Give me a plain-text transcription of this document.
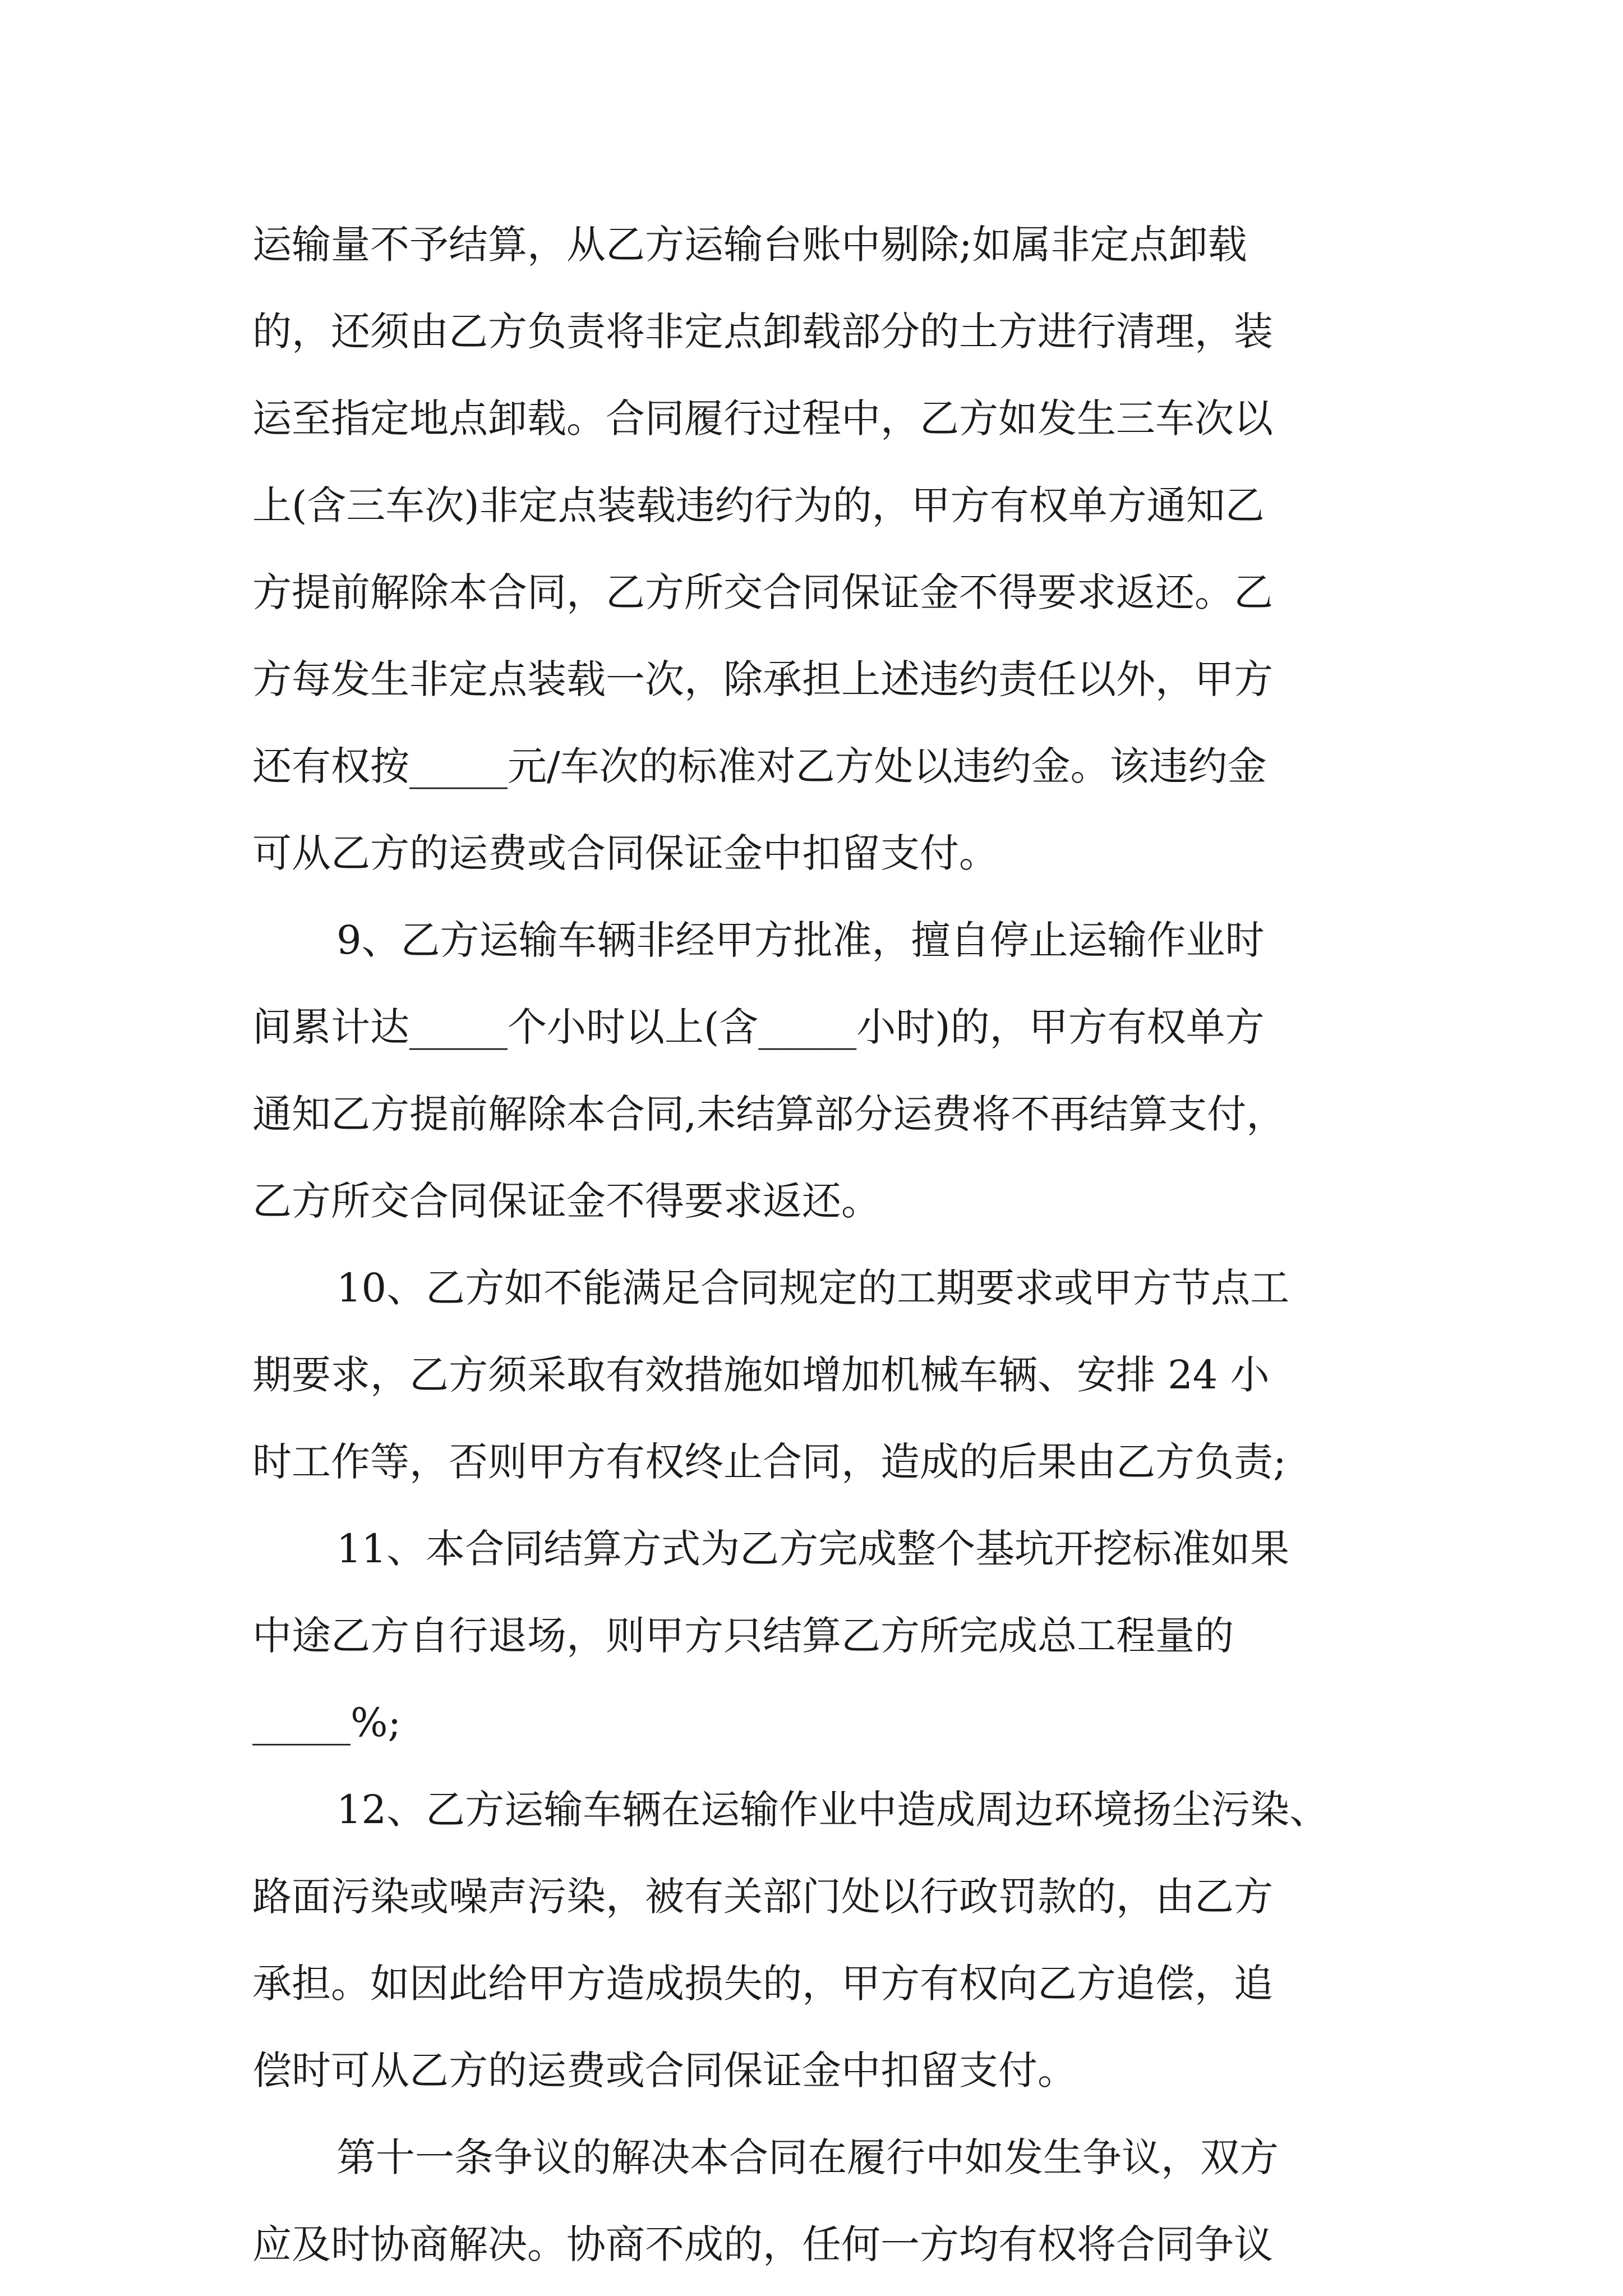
运输量不予结算，从乙方运输台账中剔除;如属非定点卸载
的，还须由乙方负责将非定点卸载部分的土方进行清理，装
运至指定地点卸载。合同履行过程中，乙方如发生三车次以
上(含三车次)非定点装载违约行为的，甲方有权单方通知乙
方提前解除本合同，乙方所交合同保证金不得要求返还。乙
方每发生非定点装载一次，除承担上述违约责任以外，甲方
还有权按_____元/车次的标准对乙方处以违约金。该违约金
可从乙方的运费或合同保证金中扣留支付。
9、乙方运输车辆非经甲方批准，擅自停止运输作业时
间累计达_____个小时以上(含_____小时)的，甲方有权单方
通知乙方提前解除本合同,未结算部分运费将不再结算支付，
乙方所交合同保证金不得要求返还。
10、乙方如不能满足合同规定的工期要求或甲方节点工
期要求，乙方须采取有效措施如增加机械车辆、安排 24 小
时工作等，否则甲方有权终止合同，造成的后果由乙方负责;
11、本合同结算方式为乙方完成整个基坑开挖标准如果
中途乙方自行退场，则甲方只结算乙方所完成总工程量的
_____%;
12、乙方运输车辆在运输作业中造成周边环境扬尘污染、
路面污染或噪声污染，被有关部门处以行政罚款的，由乙方
承担。如因此给甲方造成损失的，甲方有权向乙方追偿，追
偿时可从乙方的运费或合同保证金中扣留支付。
第十一条争议的解决本合同在履行中如发生争议，双方
应及时协商解决。协商不成的，任何一方均有权将合同争议
